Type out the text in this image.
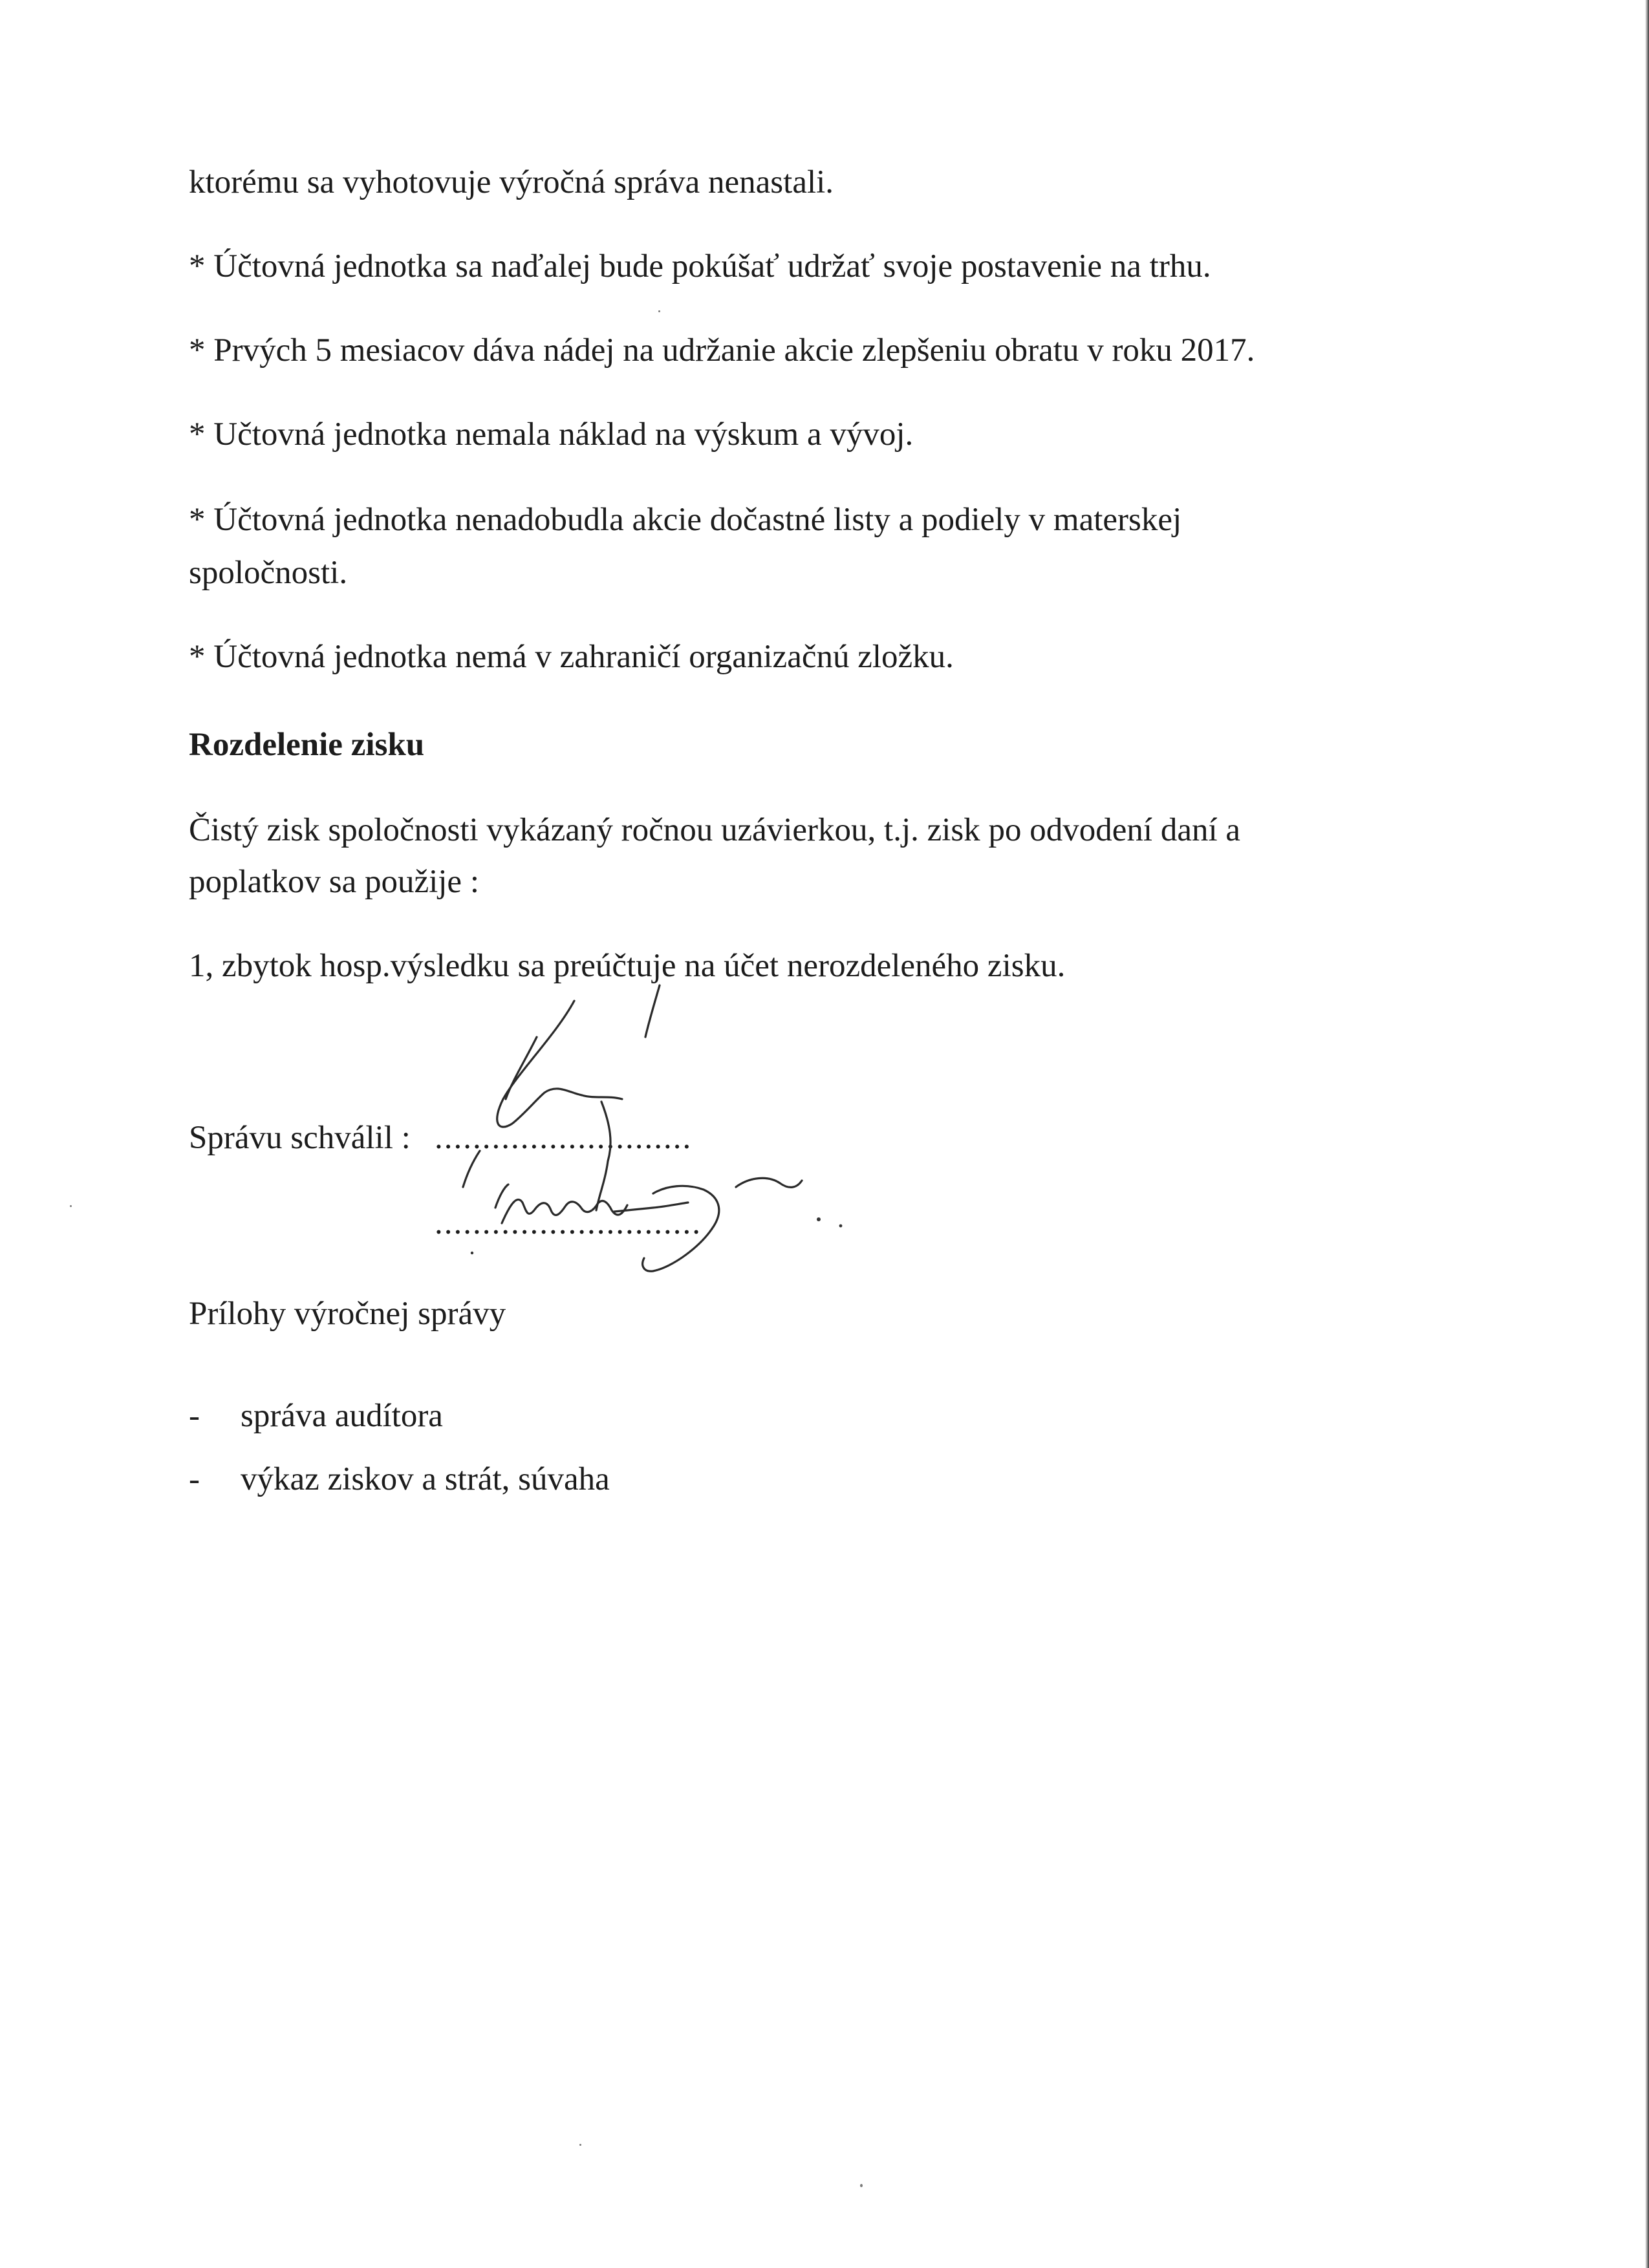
ktorému sa vyhotovuje výročná správa nenastali.
* Účtovná jednotka sa naďalej bude pokúšať udržať svoje postavenie na trhu.
* Prvých 5 mesiacov dáva nádej na udržanie akcie zlepšeniu obratu v roku 2017.
* Učtovná jednotka nemala náklad na výskum a vývoj.
* Účtovná jednotka nenadobudla akcie dočastné listy a podiely v materskej
spoločnosti.
* Účtovná jednotka nemá v zahraničí organizačnú zložku.
Rozdelenie zisku
Čistý zisk spoločnosti vykázaný ročnou uzávierkou, t.j. zisk po odvodení daní a
poplatkov sa použije :
1, zbytok hosp.výsledku sa preúčtuje na účet nerozdeleného zisku.
Správu schválil : ...........................
............................
Prílohy výročnej správy
- správa audítora
- výkaz ziskov a strát, súvaha
